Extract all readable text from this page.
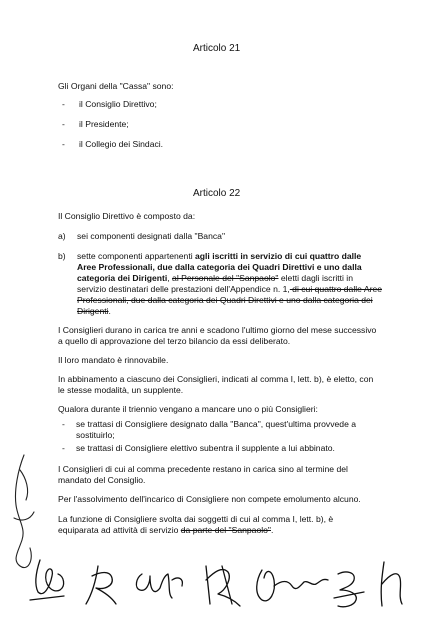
Articolo 21
Gli Organi della "Cassa" sono:
- il Consiglio Direttivo;
- il Presidente;
- il Collegio dei Sindaci.
Articolo 22
Il Consiglio Direttivo è composto da:
a) sei componenti designati dalla "Banca"
b) sette componenti appartenenti agli iscritti in servizio di cui quattro dalle
Aree Professionali, due dalla categoria dei Quadri Direttivi e uno dalla
categoria dei Dirigenti, al Personale del "Sanpaolo" eletti dagli iscritti in
servizio destinatari delle prestazioni dell'Appendice n. 1, di cui quattro dalle Aree
Professionali, due dalla categoria dei Quadri Direttivi e uno dalla categoria dei
Dirigenti.
I Consiglieri durano in carica tre anni e scadono l'ultimo giorno del mese successivo
a quello di approvazione del terzo bilancio da essi deliberato.
Il loro mandato è rinnovabile.
In abbinamento a ciascuno dei Consiglieri, indicati al comma I, lett. b), è eletto, con
le stesse modalità, un supplente.
Qualora durante il triennio vengano a mancare uno o più Consiglieri:
- se trattasi di Consigliere designato dalla "Banca", quest'ultima provvede a
sostituirlo;
- se trattasi di Consigliere elettivo subentra il supplente a lui abbinato.
I Consiglieri di cui al comma precedente restano in carica sino al termine del
mandato del Consiglio.
Per l'assolvimento dell'incarico di Consigliere non compete emolumento alcuno.
La funzione di Consigliere svolta dai soggetti di cui al comma I, lett. b), è
equiparata ad attività di servizio da parte del "Sanpaolo".
